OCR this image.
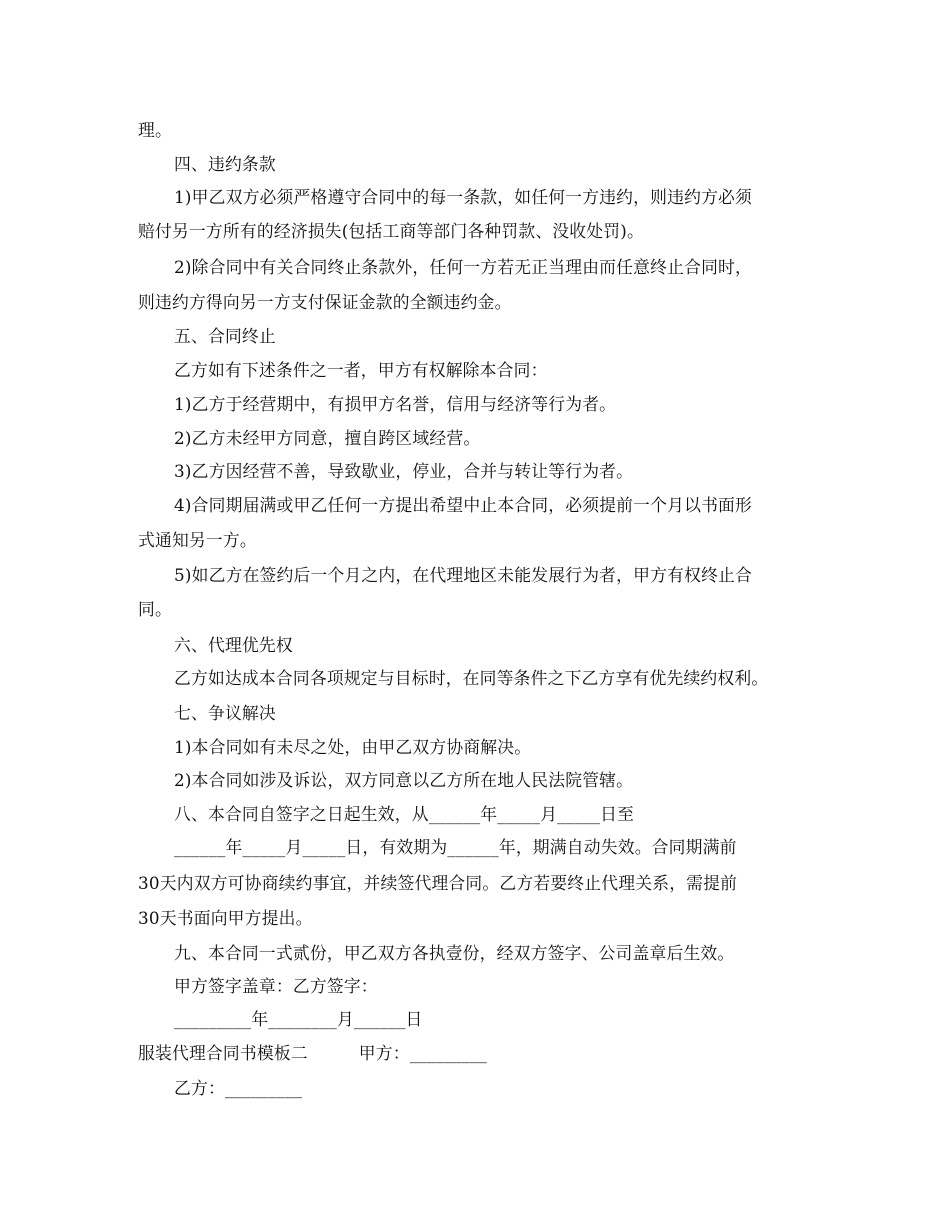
理。
四、违约条款
1)甲乙双方必须严格遵守合同中的每一条款，如任何一方违约，则违约方必须
赔付另一方所有的经济损失(包括工商等部门各种罚款、没收处罚)。
2)除合同中有关合同终止条款外，任何一方若无正当理由而任意终止合同时，
则违约方得向另一方支付保证金款的全额违约金。
五、合同终止
乙方如有下述条件之一者，甲方有权解除本合同：
1)乙方于经营期中，有损甲方名誉，信用与经济等行为者。
2)乙方未经甲方同意，擅自跨区域经营。
3)乙方因经营不善，导致歇业，停业，合并与转让等行为者。
4)合同期届满或甲乙任何一方提出希望中止本合同，必须提前一个月以书面形
式通知另一方。
5)如乙方在签约后一个月之内，在代理地区未能发展行为者，甲方有权终止合
同。
六、代理优先权
乙方如达成本合同各项规定与目标时，在同等条件之下乙方享有优先续约权利。
七、争议解决
1)本合同如有未尽之处，由甲乙双方协商解决。
2)本合同如涉及诉讼，双方同意以乙方所在地人民法院管辖。
八、本合同自签字之日起生效，从______年_____月_____日至
______年_____月_____日，有效期为______年，期满自动失效。合同期满前
30天内双方可协商续约事宜，并续签代理合同。乙方若要终止代理关系，需提前
30天书面向甲方提出。
九、本合同一式贰份，甲乙双方各执壹份，经双方签字、公司盖章后生效。
甲方签字盖章：乙方签字：
_________年________月______日
服装代理合同书模板二　　　甲方：_________
乙方：_________
